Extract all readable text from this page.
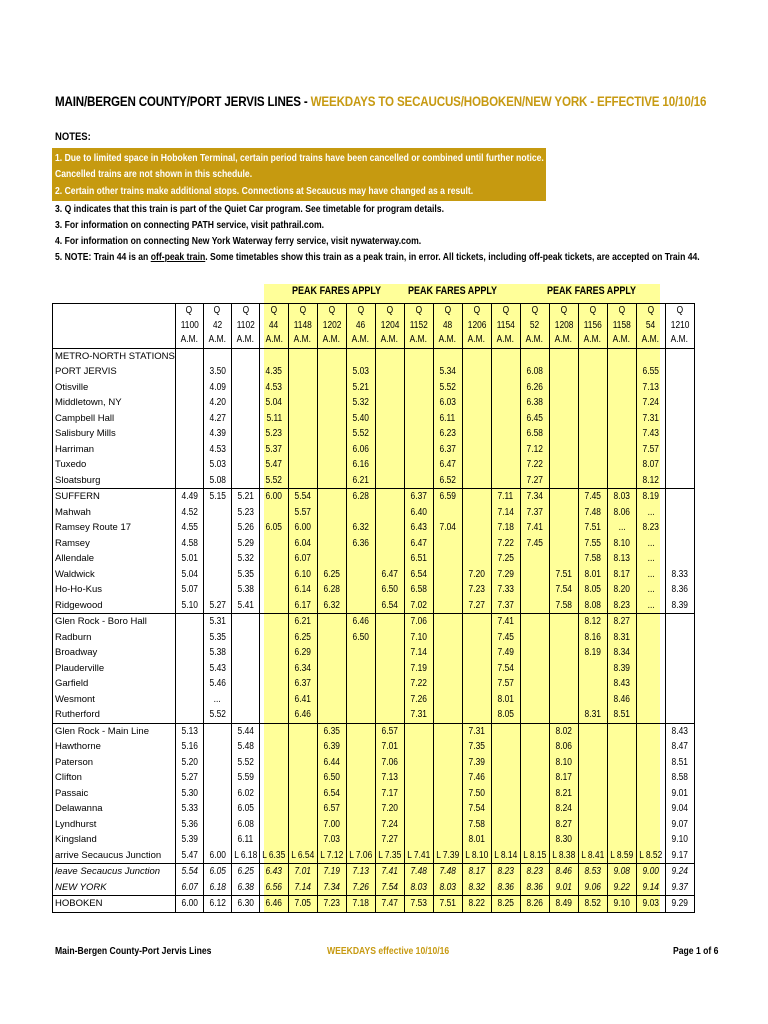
MAIN/BERGEN COUNTY/PORT JERVIS LINES - WEEKDAYS TO SECAUCUS/HOBOKEN/NEW YORK - EFFECTIVE 10/10/16
NOTES:
1. Due to limited space in Hoboken Terminal, certain period trains have been cancelled or combined until further notice.
Cancelled trains are not shown in this schedule.
2. Certain other trains make additional stops. Connections at Secaucus may have changed as a result.
3. Q indicates that this train is part of the Quiet Car program. See timetable for program details.
3. For information on connecting PATH service, visit pathrail.com.
4. For information on connecting New York Waterway ferry service, visit nywaterway.com.
5. NOTE: Train 44 is an off-peak train. Some timetables show this train as a peak train, in error. All tickets, including off-peak tickets, are accepted on Train 44.
PEAK FARES APPLY PEAK FARES APPLY	PEAK FARES APPLY
	Q	Q	Q	Q	Q	Q	Q	Q	Q	Q	Q	Q	Q	Q	Q	Q	Q	Q
	1100	42	1102	44	1148	1202	46	1204	1152	48	1206	1154	52	1208	1156	1158	54	1210
	A.M.	A.M.	A.M.	A.M.	A.M.	A.M.	A.M.	A.M.	A.M.	A.M.	A.M.	A.M.	A.M.	A.M.	A.M.	A.M.	A.M.	A.M.
METRO-NORTH STATIONS																		
PORT JERVIS		3.50		4.35			5.03			5.34			6.08				6.55	
Otisville		4.09		4.53			5.21			5.52			6.26				7.13	
Middletown, NY		4.20		5.04			5.32			6.03			6.38				7.24	
Campbell Hall		4.27		5.11			5.40			6.11			6.45				7.31	
Salisbury Mills		4.39		5.23			5.52			6.23			6.58				7.43	
Harriman		4.53		5.37			6.06			6.37			7.12				7.57	
Tuxedo		5.03		5.47			6.16			6.47			7.22				8.07	
Sloatsburg		5.08		5.52			6.21			6.52			7.27				8.12	
SUFFERN	4.49	5.15	5.21	6.00	5.54		6.28		6.37	6.59		7.11	7.34		7.45	8.03	8.19	
Mahwah	4.52		5.23		5.57				6.40			7.14	7.37		7.48	8.06	...	
Ramsey Route 17	4.55		5.26	6.05	6.00		6.32		6.43	7.04		7.18	7.41		7.51	...	8.23	
Ramsey	4.58		5.29		6.04		6.36		6.47			7.22	7.45		7.55	8.10	...	
Allendale	5.01		5.32		6.07				6.51			7.25			7.58	8.13	...	
Waldwick	5.04		5.35		6.10	6.25		6.47	6.54		7.20	7.29		7.51	8.01	8.17	...	8.33
Ho-Ho-Kus	5.07		5.38		6.14	6.28		6.50	6.58		7.23	7.33		7.54	8.05	8.20	...	8.36
Ridgewood	5.10	5.27	5.41		6.17	6.32		6.54	7.02		7.27	7.37		7.58	8.08	8.23	...	8.39
Glen Rock - Boro Hall		5.31			6.21		6.46		7.06			7.41			8.12	8.27		
Radburn		5.35			6.25		6.50		7.10			7.45			8.16	8.31		
Broadway		5.38			6.29				7.14			7.49			8.19	8.34		
Plauderville		5.43			6.34				7.19			7.54				8.39		
Garfield		5.46			6.37				7.22			7.57				8.43		
Wesmont		...			6.41				7.26			8.01				8.46		
Rutherford		5.52			6.46				7.31			8.05			8.31	8.51		
Glen Rock - Main Line	5.13		5.44			6.35		6.57			7.31			8.02				8.43
Hawthorne	5.16		5.48			6.39		7.01			7.35			8.06				8.47
Paterson	5.20		5.52			6.44		7.06			7.39			8.10				8.51
Clifton	5.27		5.59			6.50		7.13			7.46			8.17				8.58
Passaic	5.30		6.02			6.54		7.17			7.50			8.21				9.01
Delawanna	5.33		6.05			6.57		7.20			7.54			8.24				9.04
Lyndhurst	5.36		6.08			7.00		7.24			7.58			8.27				9.07
Kingsland	5.39		6.11			7.03		7.27			8.01			8.30				9.10
arrive Secaucus Junction	5.47	6.00	L 6.18	L 6.35	L 6.54	L 7.12	L 7.06	L 7.35	L 7.41	L 7.39	L 8.10	L 8.14	L 8.15	L 8.38	L 8.41	L 8.59	L 8.52	9.17
leave Secaucus Junction	5.54	6.05	6.25	6.43	7.01	7.19	7.13	7.41	7.48	7.48	8.17	8.23	8.23	8.46	8.53	9.08	9.00	9.24
NEW YORK	6.07	6.18	6.38	6.56	7.14	7.34	7.26	7.54	8.03	8.03	8.32	8.36	8.36	9.01	9.06	9.22	9.14	9.37
HOBOKEN	6.00	6.12	6.30	6.46	7.05	7.23	7.18	7.47	7.53	7.51	8.22	8.25	8.26	8.49	8.52	9.10	9.03	9.29
Main-Bergen County-Port Jervis Lines	WEEKDAYS effective 10/10/16	Page 1 of 6
